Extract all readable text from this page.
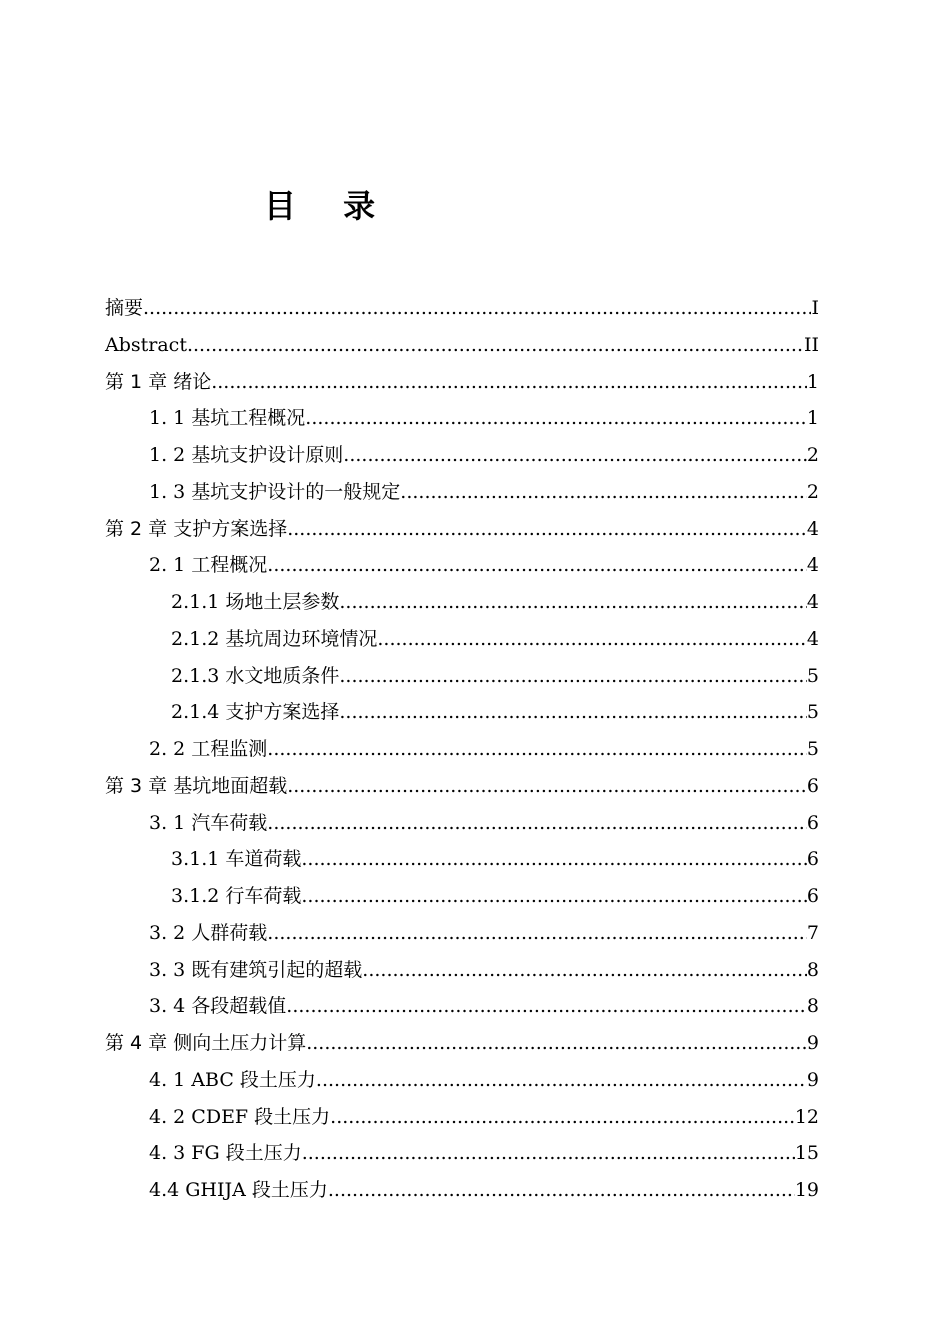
目 录
摘要 .....	I
Abstract .....	II
第 1 章 绪论 .....	1
1. 1 基坑工程概况 .....	1
1. 2 基坑支护设计原则 .....	2
1. 3 基坑支护设计的一般规定 .....	2
第 2 章 支护方案选择 .....	4
2. 1 工程概况 .....	4
2.1.1 场地土层参数 .....	4
2.1.2 基坑周边环境情况 .....	4
2.1.3 水文地质条件 .....	5
2.1.4 支护方案选择 .....	5
2. 2 工程监测 .....	5
第 3 章 基坑地面超载 .....	6
3. 1 汽车荷载 .....	6
3.1.1 车道荷载 .....	6
3.1.2 行车荷载 .....	6
3. 2 人群荷载 .....	7
3. 3 既有建筑引起的超载 .....	8
3. 4 各段超载值 .....	8
第 4 章 侧向土压力计算 .....	9
4. 1 ABC 段土压力 .....	9
4. 2 CDEF 段土压力 .....	12
4. 3 FG 段土压力 .....	15
4.4 GHIJA 段土压力 .....	19
